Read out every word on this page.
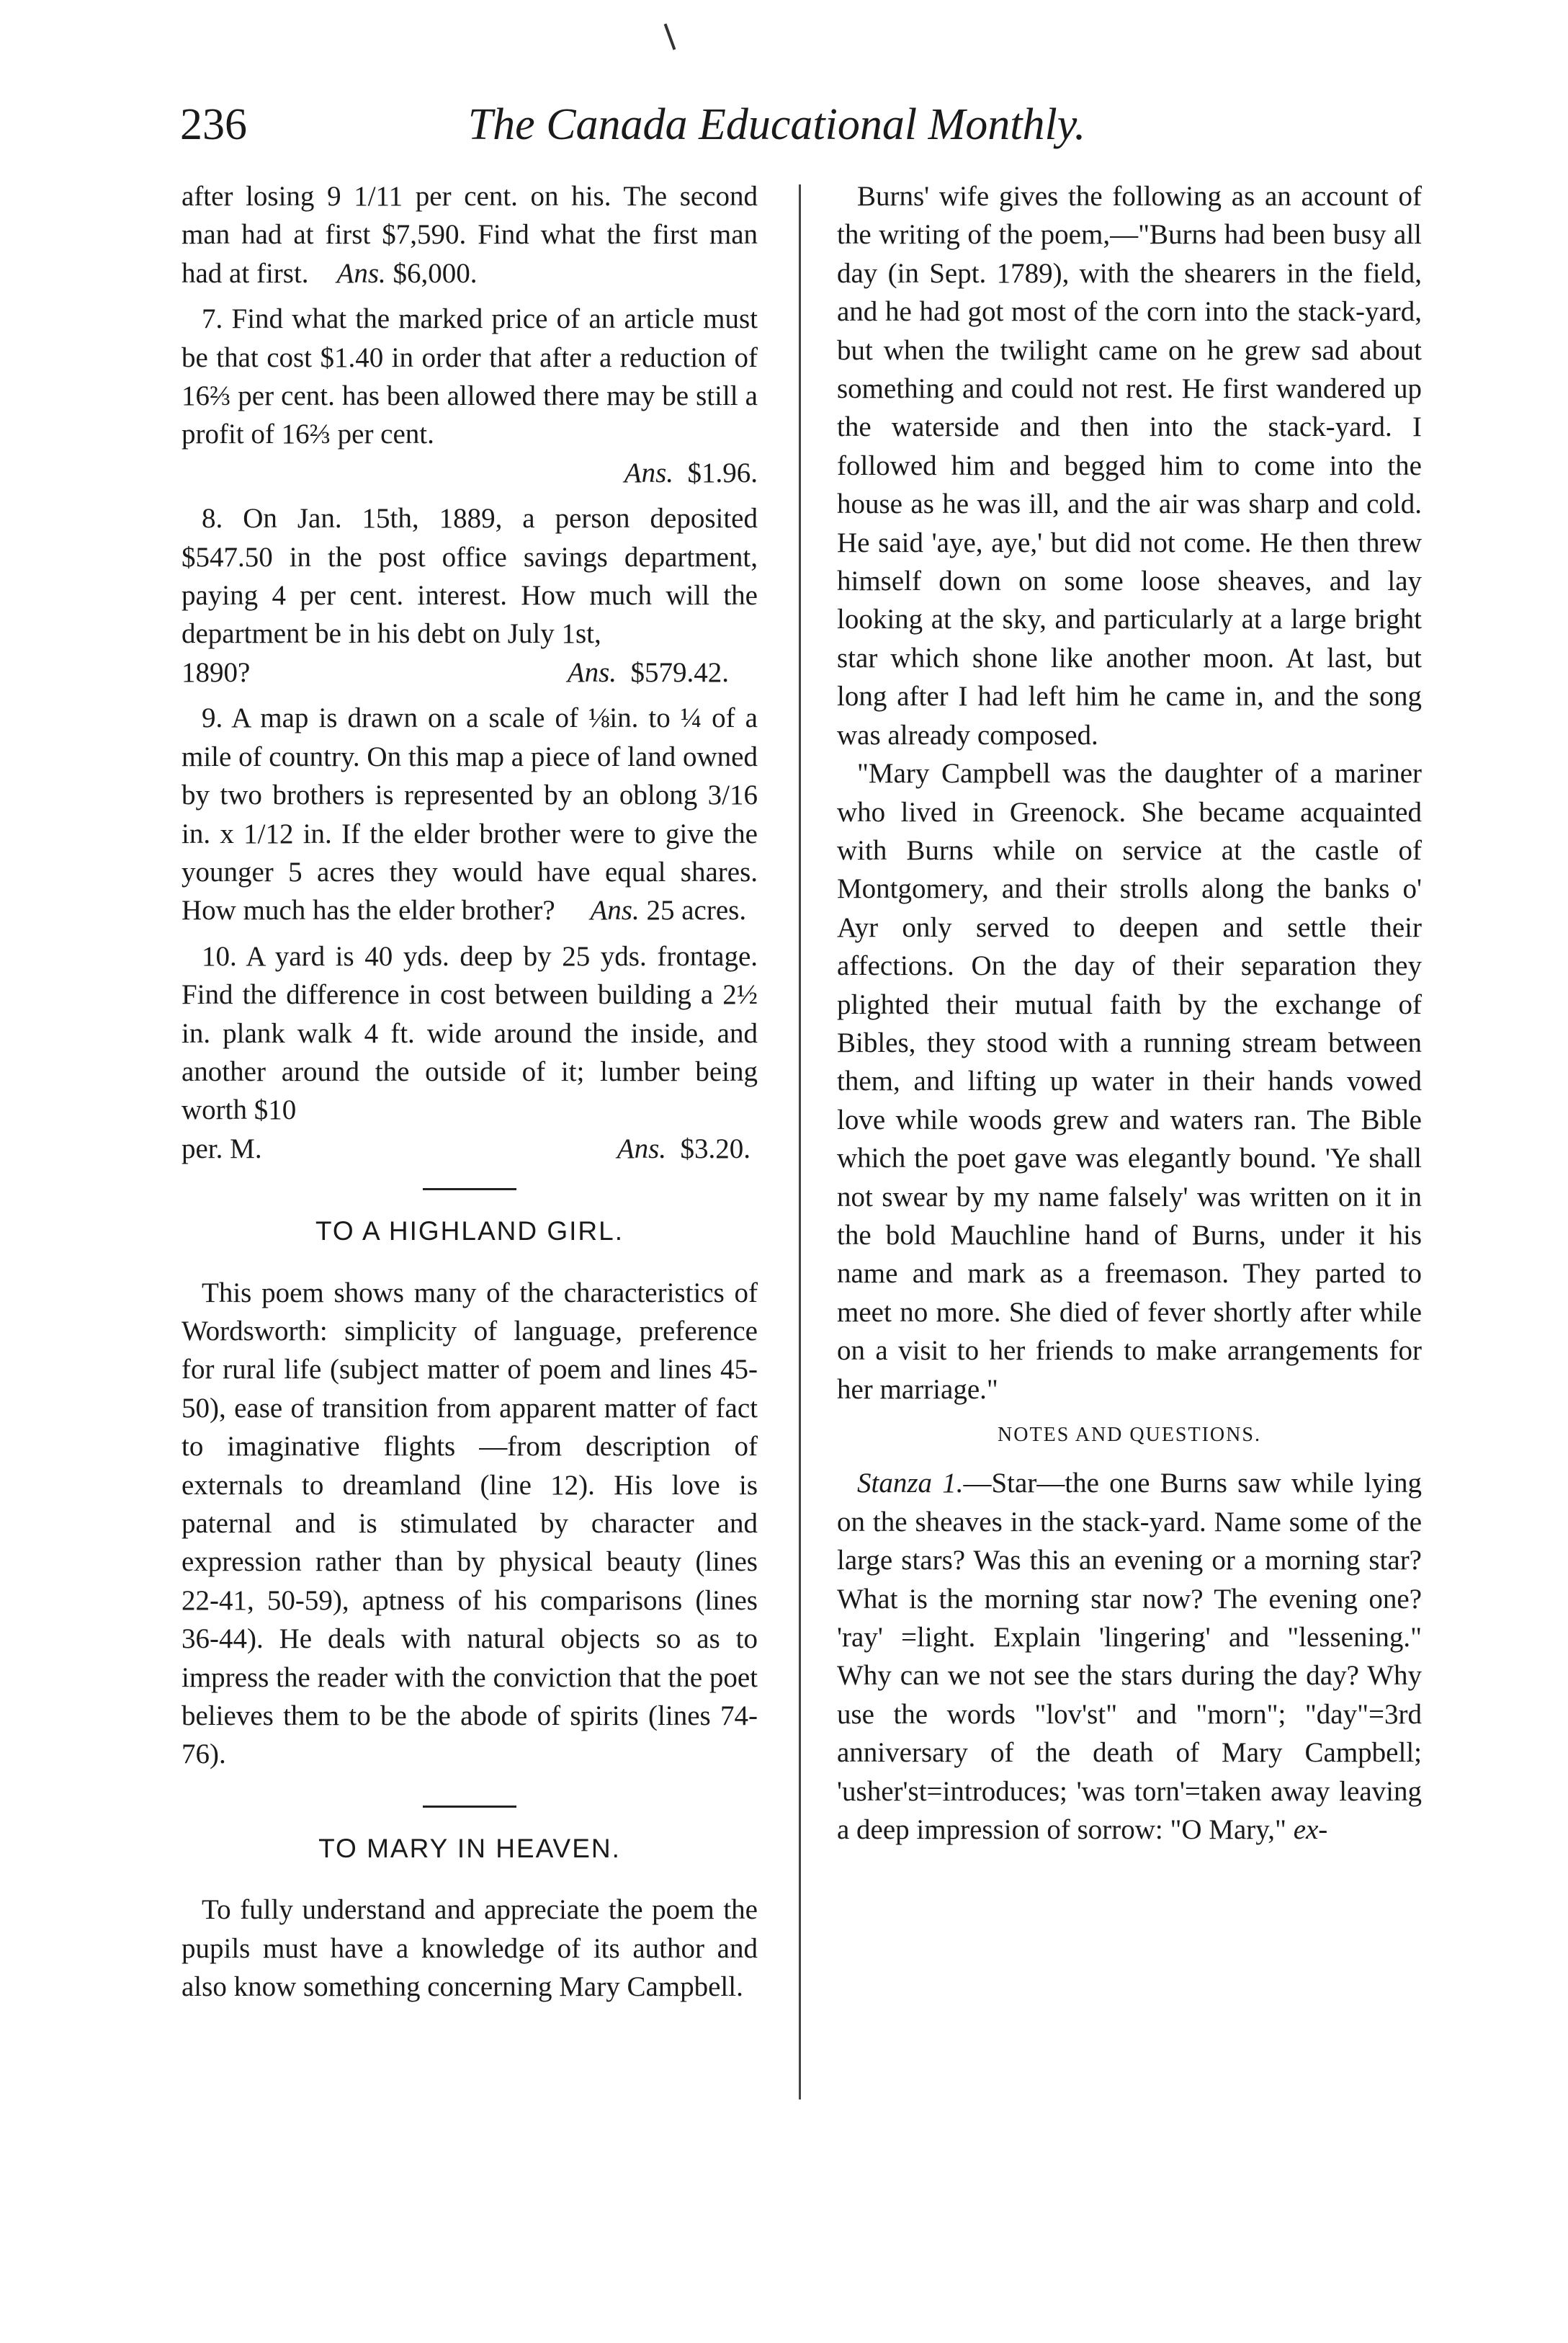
236	The Canada Educational Monthly.

after losing 9 1/11 per cent. on his. The second man had at first $7,590. Find what the first man had at first. Ans. $6,000.

7. Find what the marked price of an article must be that cost $1.40 in order that after a reduction of 16⅔ per cent. has been allowed there may be still a profit of 16⅔ per cent.

Ans. $1.96.

8. On Jan. 15th, 1889, a person deposited $547.50 in the post office savings department, paying 4 per cent. interest. How much will the department be in his debt on July 1st,

1890?	Ans. $579.42.

9. A map is drawn on a scale of ⅛in. to ¼ of a mile of country. On this map a piece of land owned by two brothers is represented by an oblong 3/16 in. x 1/12 in. If the elder brother were to give the younger 5 acres they would have equal shares. How much has the elder brother? Ans. 25 acres.

10. A yard is 40 yds. deep by 25 yds. frontage. Find the difference in cost between building a 2½ in. plank walk 4 ft. wide around the inside, and another around the outside of it; lumber being worth $10

per. M.	Ans. $3.20.
TO A HIGHLAND GIRL.

This poem shows many of the characteristics of Wordsworth: simplicity of language, preference for rural life (subject matter of poem and lines 45-50), ease of transition from apparent matter of fact to imaginative flights —from description of externals to dreamland (line 12). His love is paternal and is stimulated by character and expression rather than by physical beauty (lines 22-41, 50-59), aptness of his comparisons (lines 36-44). He deals with natural objects so as to impress the reader with the conviction that the poet believes them to be the abode of spirits (lines 74-76).

TO MARY IN HEAVEN.

To fully understand and appreciate the poem the pupils must have a knowledge of its author and also know something concerning Mary Campbell.

Burns' wife gives the following as an account of the writing of the poem,—"Burns had been busy all day (in Sept. 1789), with the shearers in the field, and he had got most of the corn into the stack-yard, but when the twilight came on he grew sad about something and could not rest. He first wandered up the waterside and then into the stack-yard. I followed him and begged him to come into the house as he was ill, and the air was sharp and cold. He said 'aye, aye,' but did not come. He then threw himself down on some loose sheaves, and lay looking at the sky, and particularly at a large bright star which shone like another moon. At last, but long after I had left him he came in, and the song was already composed.

"Mary Campbell was the daughter of a mariner who lived in Greenock. She became acquainted with Burns while on service at the castle of Montgomery, and their strolls along the banks o' Ayr only served to deepen and settle their affections. On the day of their separation they plighted their mutual faith by the exchange of Bibles, they stood with a running stream between them, and lifting up water in their hands vowed love while woods grew and waters ran. The Bible which the poet gave was elegantly bound. 'Ye shall not swear by my name falsely' was written on it in the bold Mauchline hand of Burns, under it his name and mark as a freemason. They parted to meet no more. She died of fever shortly after while on a visit to her friends to make arrangements for her marriage."

NOTES AND QUESTIONS.

Stanza 1.—Star—the one Burns saw while lying on the sheaves in the stack-yard. Name some of the large stars? Was this an evening or a morning star? What is the morning star now? The evening one? 'ray' =light. Explain 'lingering' and "lessening." Why can we not see the stars during the day? Why use the words "lov'st" and "morn"; "day"=3rd anniversary of the death of Mary Campbell; 'usher'st=introduces; 'was torn'=taken away leaving a deep impression of sorrow: "O Mary," ex-
